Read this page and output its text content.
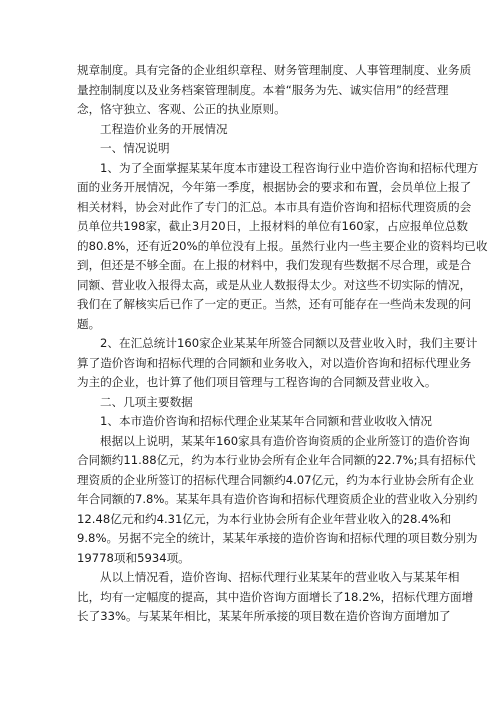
规章制度。具有完备的企业组织章程、财务管理制度、人事管理制度、业务质
量控制制度以及业务档案管理制度。本着“服务为先、诚实信用”的经营理
念，恪守独立、客观、公正的执业原则。
工程造价业务的开展情况
一、情况说明
1、为了全面掌握某某年度本市建设工程咨询行业中造价咨询和招标代理方
面的业务开展情况，今年第一季度，根据协会的要求和布置，会员单位上报了
相关材料，协会对此作了专门的汇总。本市具有造价咨询和招标代理资质的会
员单位共198家，截止3月20日，上报材料的单位有160家，占应报单位总数
的80.8%，还有近20%的单位没有上报。虽然行业内一些主要企业的资料均已收
到，但还是不够全面。在上报的材料中，我们发现有些数据不尽合理，或是合
同额、营业收入报得太高，或是从业人数报得太少。对这些不切实际的情况，
我们在了解核实后已作了一定的更正。当然，还有可能存在一些尚未发现的问
题。
2、在汇总统计160家企业某某年所签合同额以及营业收入时，我们主要计
算了造价咨询和招标代理的合同额和业务收入，对以造价咨询和招标代理业务
为主的企业，也计算了他们项目管理与工程咨询的合同额及营业收入。
二、几项主要数据
1、本市造价咨询和招标代理企业某某年合同额和营业收收入情况
根据以上说明，某某年160家具有造价咨询资质的企业所签订的造价咨询
合同额约11.88亿元，约为本行业协会所有企业年合同额的22.7%;具有招标代
理资质的企业所签订的招标代理合同额约4.07亿元，约为本行业协会所有企业
年合同额的7.8%。某某年具有造价咨询和招标代理资质企业的营业收入分别约
12.48亿元和约4.31亿元，为本行业协会所有企业年营业收入的28.4%和
9.8%。另据不完全的统计，某某年承接的造价咨询和招标代理的项目数分别为
19778项和5934项。
从以上情况看，造价咨询、招标代理行业某某年的营业收入与某某年相
比，均有一定幅度的提高，其中造价咨询方面增长了18.2%，招标代理方面增
长了33%。与某某年相比，某某年所承接的项目数在造价咨询方面增加了
